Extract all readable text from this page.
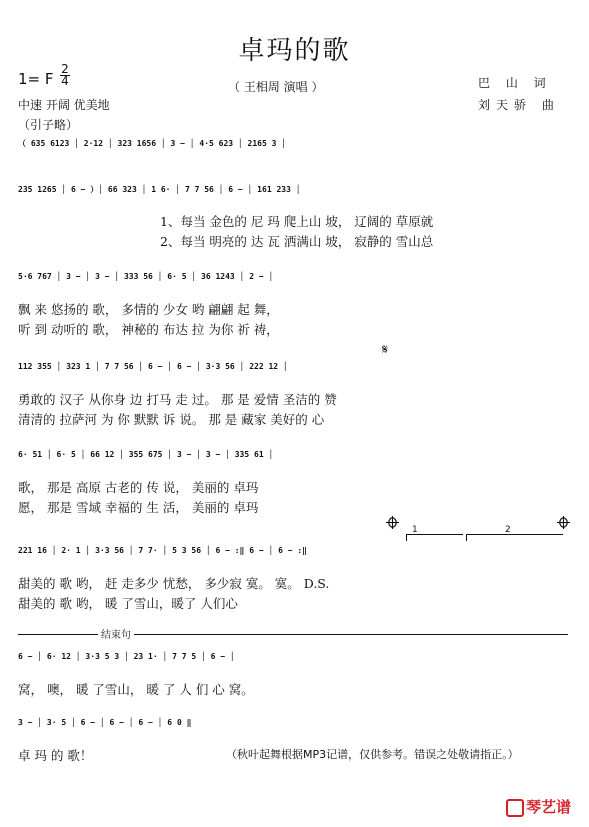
卓玛的歌
1= F
2
4	（ 王相周 演唱 ）	巴 山 词
刘天骄 曲
中速 开阔 优美地
（引子略）
（ 635 6123 │ 2·12 │ 323 1656 │ 3 − │ 4·5 623 │ 2165 3 │
235 1265 │ 6 − ）│ 66 323 │ 1 6· │ 7 7 56 │ 6 − │ 161 233 │
1、每当 金色的 尼 玛 爬上山 坡， 辽阔的 草原就
2、每当 明亮的 达 瓦 洒满山 坡， 寂静的 雪山总
5·6 767 │ 3 − │ 3 − │ 333 56 │ 6· 5 │ 36 1243 │ 2 − │
飘 来 悠扬的 歌， 多情的 少女 哟 翩翩 起 舞，
听 到 动听的 歌， 神秘的 布达 拉 为你 祈 祷，
𝄋
112 355 │ 323 1 │ 7 7 56 │ 6 − │ 6 − │ 3·3 56 │ 222 12 │
勇敢的 汉子 从你身 边 打马 走 过。 那 是 爱情 圣洁的 赞
清清的 拉萨河 为 你 默默 诉 说。 那 是 藏家 美好的 心
6· 51 │ 6· 5 │ 66 12 │ 355 675 │ 3 − │ 3 − │ 335 61 │
歌， 那是 高原 古老的 传 说， 美丽的 卓玛
愿， 那是 雪域 幸福的 生 活， 美丽的 卓玛
1	2
221 16 │ 2· 1 │ 3·3 56 │ 7 7· │ 5 3 56 │ 6 − :‖ 6 − │ 6 − :‖
甜美的 歌 哟， 赶 走多少 忧愁， 多少寂 寞。 寞。 D.S.
甜美的 歌 哟， 暖 了雪山，暖了 人们心
结束句
6 − │ 6· 12 │ 3·3 5 3 │ 23 1· │ 7 7 5 │ 6 − │
窝， 噢， 暖 了雪山， 暖 了 人 们 心 窝。
3 − │ 3· 5 │ 6 − │ 6 − │ 6 − │ 6 0 ‖
卓 玛 的 歌！	（秋叶起舞根据MP3记谱，仅供参考。错误之处敬请指正。）
琴艺谱
